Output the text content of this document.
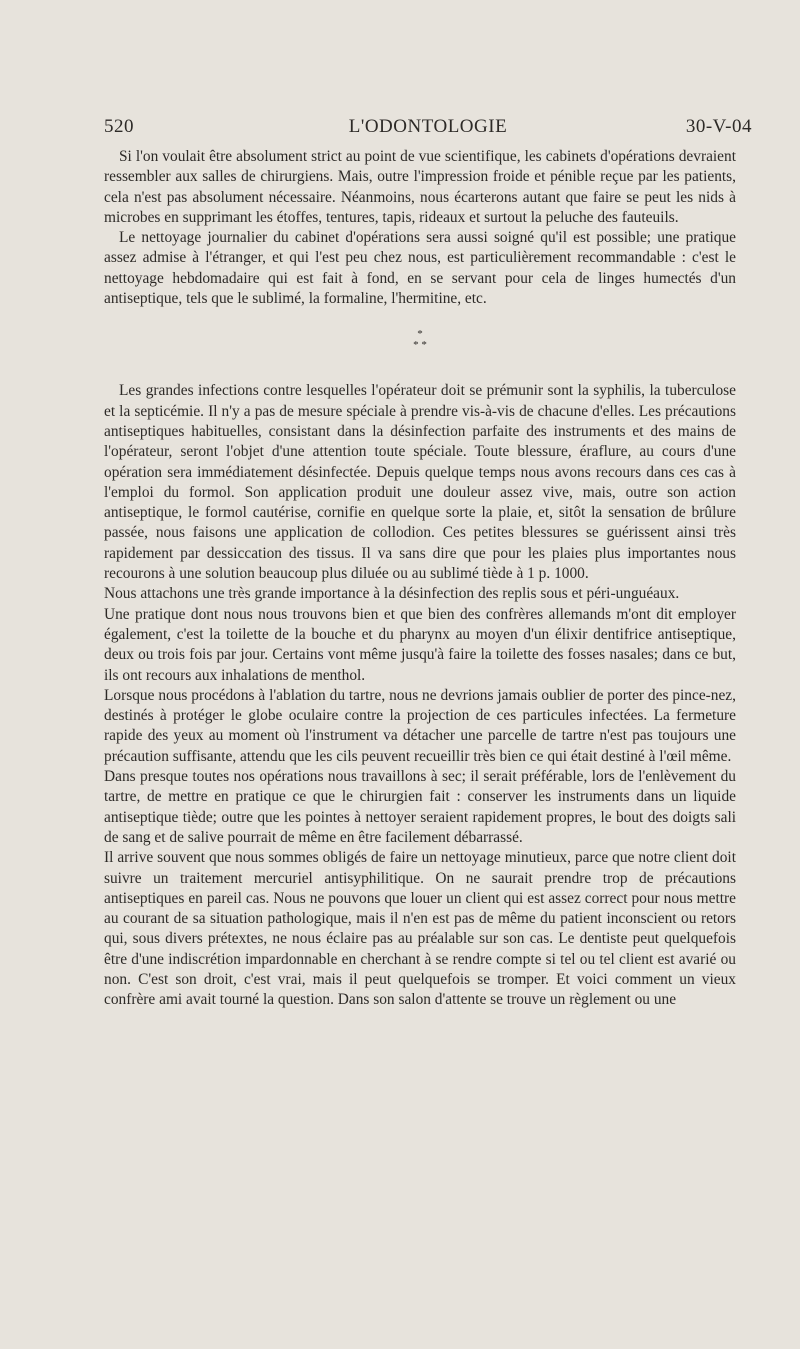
520	L'ODONTOLOGIE	30-V-04

Si l'on voulait être absolument strict au point de vue scientifique, les cabinets d'opérations devraient ressembler aux salles de chirurgiens. Mais, outre l'impression froide et pénible reçue par les patients, cela n'est pas absolument nécessaire. Néanmoins, nous écarterons autant que faire se peut les nids à microbes en supprimant les étoffes, tentures, tapis, rideaux et surtout la peluche des fauteuils.

Le nettoyage journalier du cabinet d'opérations sera aussi soigné qu'il est possible; une pratique assez admise à l'étranger, et qui l'est peu chez nous, est particulièrement recommandable : c'est le nettoyage hebdomadaire qui est fait à fond, en se servant pour cela de linges humectés d'un antiseptique, tels que le sublimé, la formaline, l'hermitine, etc.

*
* *

Les grandes infections contre lesquelles l'opérateur doit se prémunir sont la syphilis, la tuberculose et la septicémie. Il n'y a pas de mesure spéciale à prendre vis-à-vis de chacune d'elles. Les précautions antiseptiques habituelles, consistant dans la désinfection parfaite des instruments et des mains de l'opérateur, seront l'objet d'une attention toute spéciale. Toute blessure, éraflure, au cours d'une opération sera immédiatement désinfectée. Depuis quelque temps nous avons recours dans ces cas à l'emploi du formol. Son application produit une douleur assez vive, mais, outre son action antiseptique, le formol cautérise, cornifie en quelque sorte la plaie, et, sitôt la sensation de brûlure passée, nous faisons une application de collodion. Ces petites blessures se guérissent ainsi très rapidement par dessiccation des tissus. Il va sans dire que pour les plaies plus importantes nous recourons à une solution beaucoup plus diluée ou au sublimé tiède à 1 p. 1000.

Nous attachons une très grande importance à la désinfection des replis sous et péri-unguéaux.

Une pratique dont nous nous trouvons bien et que bien des confrères allemands m'ont dit employer également, c'est la toilette de la bouche et du pharynx au moyen d'un élixir dentifrice antiseptique, deux ou trois fois par jour. Certains vont même jusqu'à faire la toilette des fosses nasales; dans ce but, ils ont recours aux inhalations de menthol.

Lorsque nous procédons à l'ablation du tartre, nous ne devrions jamais oublier de porter des pince-nez, destinés à protéger le globe oculaire contre la projection de ces particules infectées. La fermeture rapide des yeux au moment où l'instrument va détacher une parcelle de tartre n'est pas toujours une précaution suffisante, attendu que les cils peuvent recueillir très bien ce qui était destiné à l'œil même.

Dans presque toutes nos opérations nous travaillons à sec; il serait préférable, lors de l'enlèvement du tartre, de mettre en pratique ce que le chirurgien fait : conserver les instruments dans un liquide antiseptique tiède; outre que les pointes à nettoyer seraient rapidement propres, le bout des doigts sali de sang et de salive pourrait de même en être facilement débarrassé.

Il arrive souvent que nous sommes obligés de faire un nettoyage minutieux, parce que notre client doit suivre un traitement mercuriel antisyphilitique. On ne saurait prendre trop de précautions antiseptiques en pareil cas. Nous ne pouvons que louer un client qui est assez correct pour nous mettre au courant de sa situation pathologique, mais il n'en est pas de même du patient inconscient ou retors qui, sous divers prétextes, ne nous éclaire pas au préalable sur son cas. Le dentiste peut quelquefois être d'une indiscrétion impardonnable en cherchant à se rendre compte si tel ou tel client est avarié ou non. C'est son droit, c'est vrai, mais il peut quelquefois se tromper. Et voici comment un vieux confrère ami avait tourné la question. Dans son salon d'attente se trouve un règlement ou une
